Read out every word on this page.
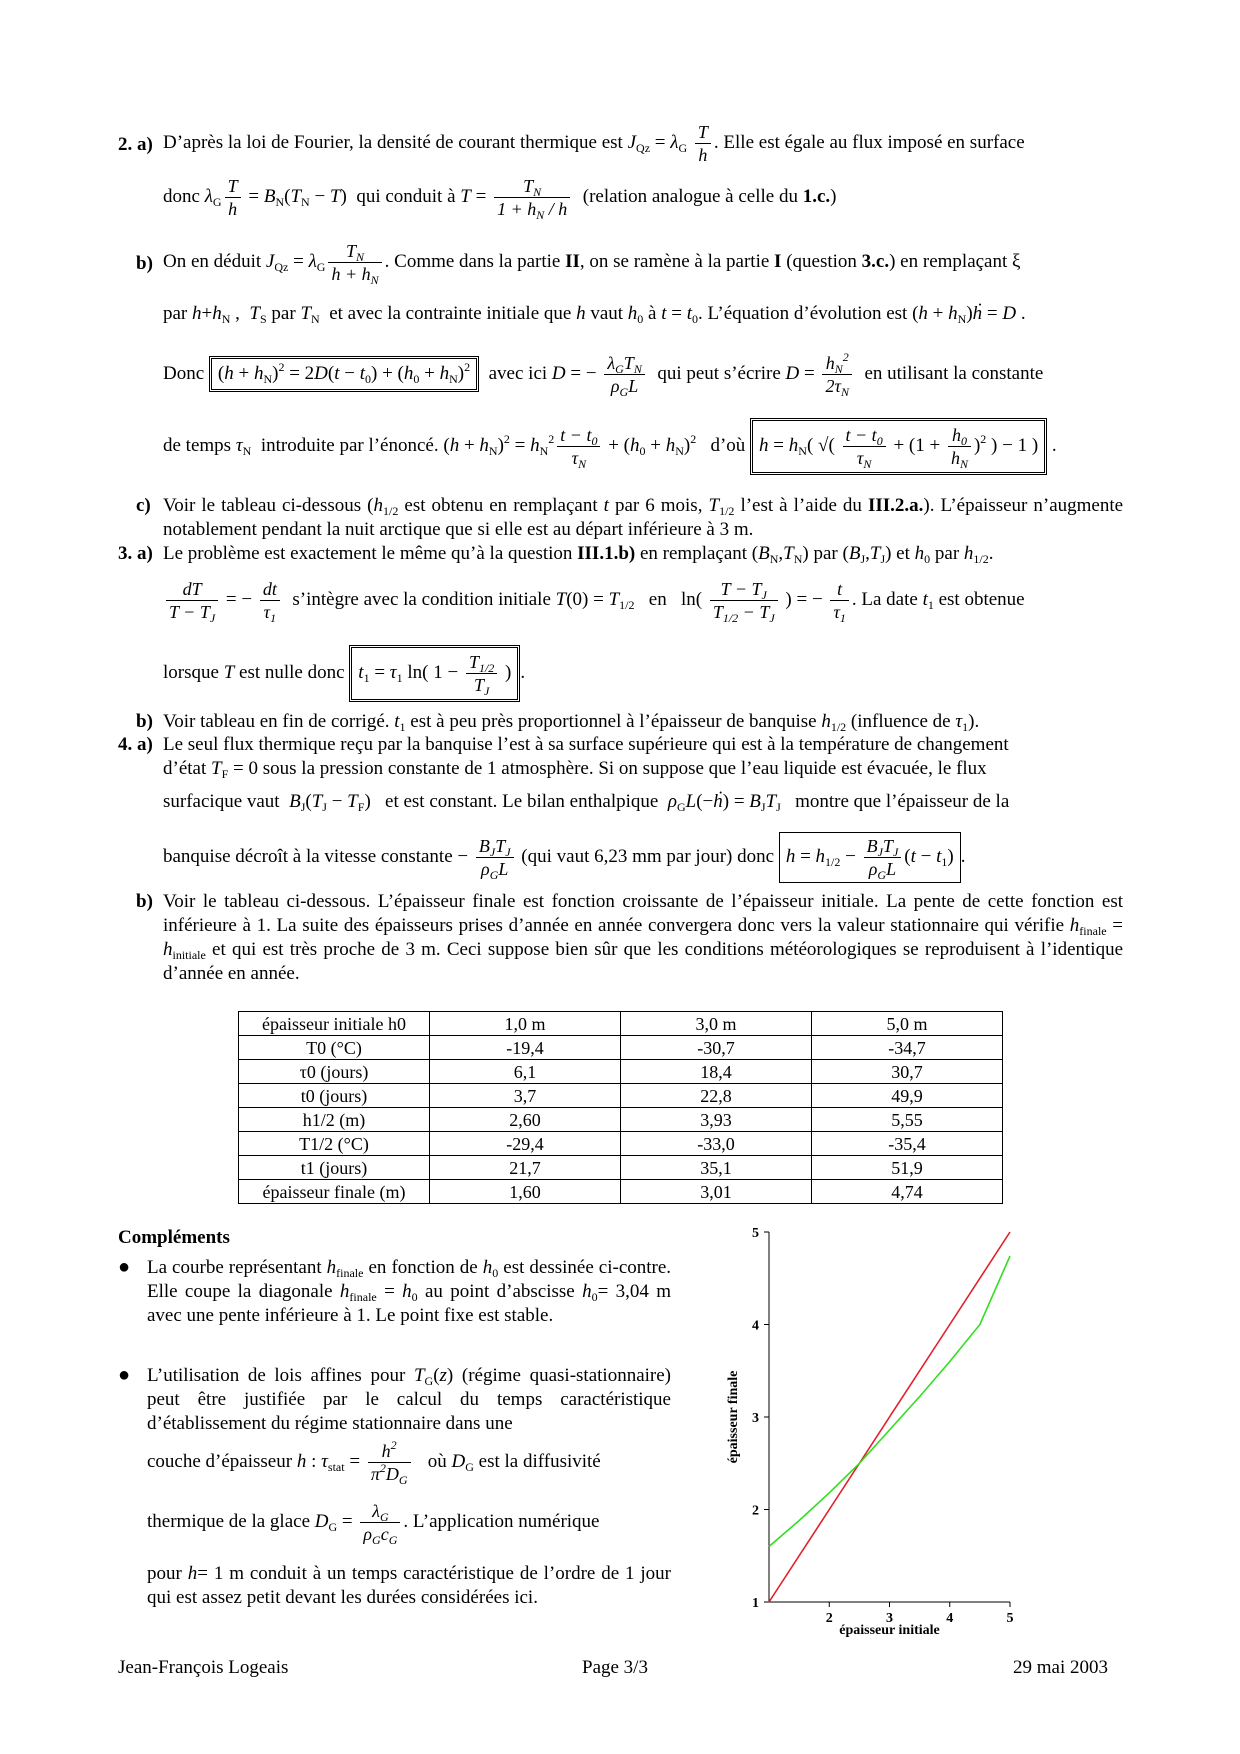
2. a) D’après la loi de Fourier, la densité de courant thermique est $J_{Qz} = \lambda_G \frac{T}{h}$ . Elle est égale au flux imposé en surface
donc $\lambda_G \frac{T}{h} = B_N(T_N - T)$  qui conduit à $T = \frac{T_N}{1 + h_N / h}$ (relation analogue à celle du 1.c.)
b) On en déduit $J_{Qz} = \lambda_G \frac{T_N}{h + h_N}$ . Comme dans la partie II, on se ramène à la partie I (question 3.c.) en remplaçant ξ
par $h+h_N$ ,  $T_S$ par $T_N$ et avec la contrainte initiale que h vaut $h_0$ à $t = t_0$. L’équation d’évolution est $(h + h_N)ḣ = D$ .
Donc $(h + h_N)^2 = 2D(t - t_0) + (h_0 + h_N)^2$ avec ici D = − $\frac{\lambda_GT_N}{\rho_GL}$ qui peut s’écrire $D = \frac{h_N^2}{2\tau_N}$ en utilisant la constante
de temps $\tau_N$ introduite par l’énoncé. $(h + h_N)^2 = h_N^2 \frac{t - t_0}{\tau_N} + (h_0 + h_N)^2$ d’où $h = h_N$( √( $\frac{t - t_0}{\tau_N} + (1 + \frac{h_0}{h_N} )^2$ ) − 1 ) .
c) Voir le tableau ci-dessous ($h_{1/2}$ est obtenu en remplaçant t par 6 mois, $T_{1/2}$ l’est à l’aide du III.2.a.). L’épaisseur n’augmente notablement pendant la nuit arctique que si elle est au départ inférieure à 3 m.
3. a) Le problème est exactement le même qu’à la question III.1.b) en remplaçant $(B_N,T_N)$ par $(B_J,T_J)$ et $h_0$ par $h_{1/2}$.
$\frac{dT}{T - T_J}$ = − $\frac{dt}{\tau_1}$ s’intègre avec la condition initiale $T(0) = T_{1/2}$ en   $\ln( \frac{T - T_J}{T_{1/2} - T_J}$ ) = − $\frac{t}{\tau_1}$ . La date $t_1$ est obtenue
lorsque T est nulle donc $t_1 = \tau_1$ ln( $1 - \frac{T_{1/2}}{T_J}$ ) .
b) Voir tableau en fin de corrigé. $t_1$ est à peu près proportionnel à l’épaisseur de banquise $h_{1/2}$ (influence de $\tau_1$).
4. a) Le seul flux thermique reçu par la banquise l’est à sa surface supérieure qui est à la température de changement
d’état $T_F = 0$ sous la pression constante de 1 atmosphère. Si on suppose que l’eau liquide est évacuée, le flux
surfacique vaut $B_J(T_J - T_F)$   et est constant. Le bilan enthalpique $\rho_GL(-ḣ) = B_JT_J$ montre que l’épaisseur de la
banquise décroît à la vitesse constante − $\frac{B_JT_J}{\rho_GL} (qui$ vaut 6,23 mm par jour) donc $h = h_{1/2} - \frac{B_JT_J}{\rho_GL} (t - t_1)$ .
b) Voir le tableau ci-dessous. L’épaisseur finale est fonction croissante de l’épaisseur initiale. La pente de cette fonction est inférieure à 1. La suite des épaisseurs prises d’année en année convergera donc vers la valeur stationnaire qui vérifie $h_{finale} = h_{initiale}$ et qui est très proche de 3 m. Ceci suppose bien sûr que les conditions météorologiques se reproduisent à l’identique d’année en année.
épaisseur initiale h0	1,0 m	3,0 m	5,0 m
T0 (°C)	-19,4	-30,7	-34,7
τ0 (jours)	6,1	18,4	30,7
t0 (jours)	3,7	22,8	49,9
h1/2 (m)	2,60	3,93	5,55
T1/2 (°C)	-29,4	-33,0	-35,4
t1 (jours)	21,7	35,1	51,9
épaisseur finale (m)	1,60	3,01	4,74
Compléments
● La courbe représentant $h_{finale}$ en fonction de $h_0$ est dessinée ci-contre. Elle coupe la diagonale $h_{finale} = h_0$ au point d’abscisse $h_0= 3,04$ m avec une pente inférieure à 1. Le point fixe est stable.
● L’utilisation de lois affines pour $T_G(z)$ (régime quasi-stationnaire) peut être justifiée par le calcul du temps caractéristique d’établissement du régime stationnaire dans une
couche d’épaisseur h : $\tau_{stat} = \frac{h^2}{\pi^2D_G}$ où $D_G$ est la diffusivité
thermique de la glace $D_G = \frac{\lambda_G}{\rho_Gc_G}$ . L’application numérique
pour h= 1 m conduit à un temps caractéristique de l’ordre de 1 jour qui est assez petit devant les durées considérées ici.	1
2
3
4
5
2	3	4	5
épaisseur initiale
épaisseur finale
Jean-François Logeais	Page 3/3	29 mai 2003
